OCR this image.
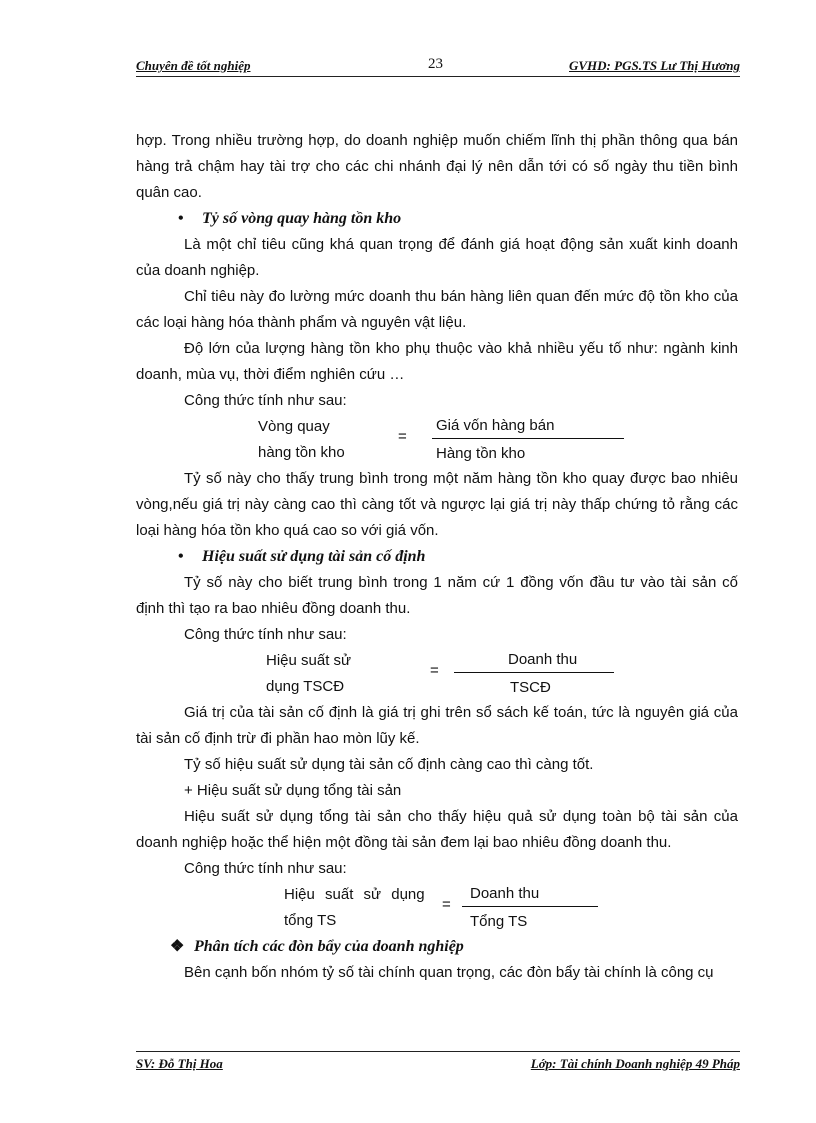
Chuyên đề tốt nghiệp	23	GVHD: PGS.TS Lư Thị Hương

hợp. Trong nhiều trường hợp, do doanh nghiệp muốn chiếm lĩnh thị phần thông qua bán hàng trả chậm hay tài trợ cho các chi nhánh đại lý nên dẫn tới có số ngày thu tiền bình quân cao.

• Tỷ số vòng quay hàng tồn kho

Là một chỉ tiêu cũng khá quan trọng để đánh giá hoạt động sản xuất kinh doanh của doanh nghiệp.

Chỉ tiêu này đo lường mức doanh thu bán hàng liên quan đến mức độ tồn kho của các loại hàng hóa thành phẩm và nguyên vật liệu.

Độ lớn của lượng hàng tồn kho phụ thuộc vào khả nhiều yếu tố như: ngành kinh doanh, mùa vụ, thời điểm nghiên cứu …

Công thức tính như sau:

Vòng quay
hàng tồn kho
=
Giá vốn hàng bán
Hàng tồn kho

Tỷ số này cho thấy trung bình trong một năm hàng tồn kho quay được bao nhiêu vòng,nếu giá trị này càng cao thì càng tốt và ngược lại giá trị này thấp chứng tỏ rằng các loại hàng hóa tồn kho quá cao so với giá vốn.

• Hiệu suất sử dụng tài sản cố định

Tỷ số này cho biết trung bình trong 1 năm cứ 1 đồng vốn đầu tư vào tài sản cố định thì tạo ra bao nhiêu đồng doanh thu.

Công thức tính như sau:

Hiệu suất sử
dụng TSCĐ
=
Doanh thu
TSCĐ

Giá trị của tài sản cố định là giá trị ghi trên sổ sách kế toán, tức là nguyên giá của tài sản cố định trừ đi phần hao mòn lũy kế.

Tỷ số hiệu suất sử dụng tài sản cố định càng cao thì càng tốt.

+ Hiệu suất sử dụng tổng tài sản

Hiệu suất sử dụng tổng tài sản cho thấy hiệu quả sử dụng toàn bộ tài sản của doanh nghiệp hoặc thể hiện một đồng tài sản đem lại bao nhiêu đồng doanh thu.

Công thức tính như sau:

Hiệu suất sử dụng
tổng TS
=
Doanh thu
Tổng TS

❖ Phân tích các đòn bẩy của doanh nghiệp

Bên cạnh bốn nhóm tỷ số tài chính quan trọng, các đòn bẩy tài chính là công cụ

SV: Đỗ Thị Hoa	Lớp: Tài chính Doanh nghiệp 49 Pháp
